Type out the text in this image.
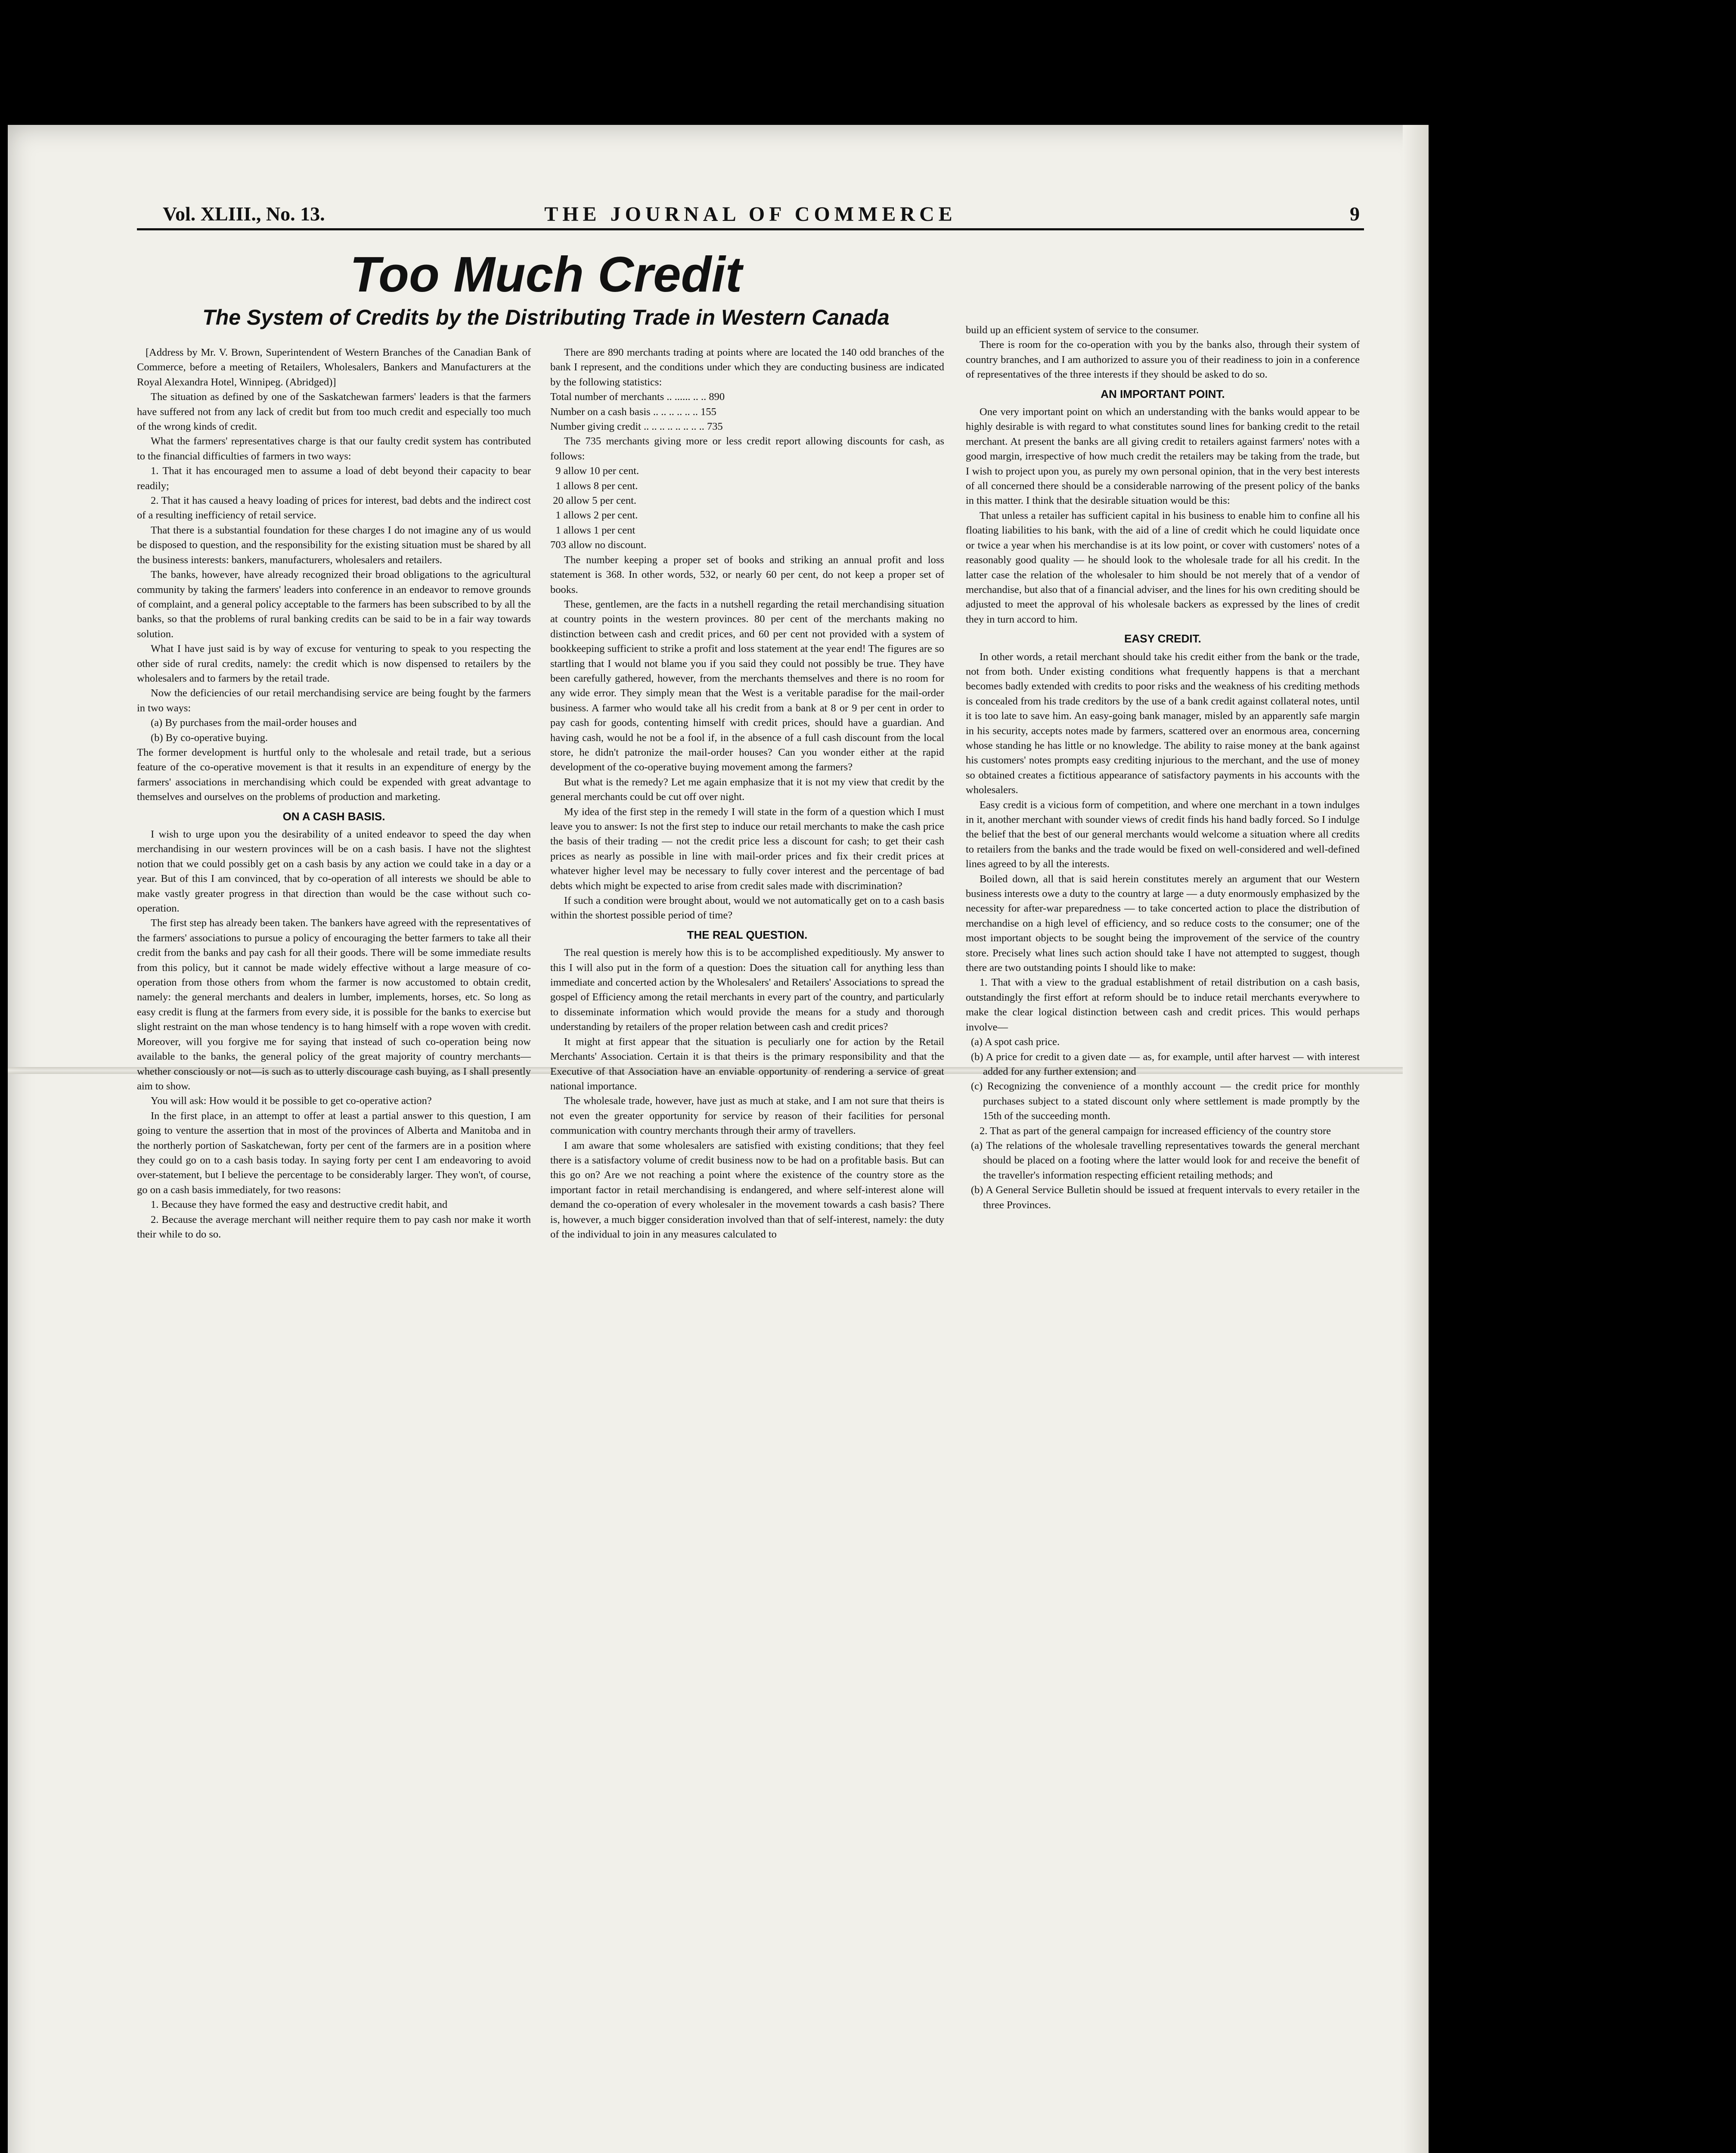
Vol. XLIII., No. 13.	THE JOURNAL OF COMMERCE	9
Too Much Credit
The System of Credits by the Distributing Trade in Western Canada

[Address by Mr. V. Brown, Superintendent of Western Branches of the Canadian Bank of Commerce, before a meeting of Retailers, Wholesalers, Bankers and Manufacturers at the Royal Alexandra Hotel, Winnipeg. (Abridged)]

The situation as defined by one of the Saskatchewan farmers' leaders is that the farmers have suffered not from any lack of credit but from too much credit and especially too much of the wrong kinds of credit.

What the farmers' representatives charge is that our faulty credit system has contributed to the financial difficulties of farmers in two ways:

1. That it has encouraged men to assume a load of debt beyond their capacity to bear readily;

2. That it has caused a heavy loading of prices for interest, bad debts and the indirect cost of a resulting inefficiency of retail service.

That there is a substantial foundation for these charges I do not imagine any of us would be disposed to question, and the responsibility for the existing situation must be shared by all the business interests: bankers, manufacturers, wholesalers and retailers.

The banks, however, have already recognized their broad obligations to the agricultural community by taking the farmers' leaders into conference in an endeavor to remove grounds of complaint, and a general policy acceptable to the farmers has been subscribed to by all the banks, so that the problems of rural banking credits can be said to be in a fair way towards solution.

What I have just said is by way of excuse for venturing to speak to you respecting the other side of rural credits, namely: the credit which is now dispensed to retailers by the wholesalers and to farmers by the retail trade.

Now the deficiencies of our retail merchandising service are being fought by the farmers in two ways:

(a) By purchases from the mail-order houses and

(b) By co-operative buying.

The former development is hurtful only to the wholesale and retail trade, but a serious feature of the co-operative movement is that it results in an expenditure of energy by the farmers' associations in merchandising which could be expended with great advantage to themselves and ourselves on the problems of production and marketing.

ON A CASH BASIS.

I wish to urge upon you the desirability of a united endeavor to speed the day when merchandising in our western provinces will be on a cash basis. I have not the slightest notion that we could possibly get on a cash basis by any action we could take in a day or a year. But of this I am convinced, that by co-operation of all interests we should be able to make vastly greater progress in that direction than would be the case without such co-operation.

The first step has already been taken. The bankers have agreed with the representatives of the farmers' associations to pursue a policy of encouraging the better farmers to take all their credit from the banks and pay cash for all their goods. There will be some immediate results from this policy, but it cannot be made widely effective without a large measure of co-operation from those others from whom the farmer is now accustomed to obtain credit, namely: the general merchants and dealers in lumber, implements, horses, etc. So long as easy credit is flung at the farmers from every side, it is possible for the banks to exercise but slight restraint on the man whose tendency is to hang himself with a rope woven with credit. Moreover, will you forgive me for saying that instead of such co-operation being now available to the banks, the general policy of the great majority of country merchants—whether consciously or not—is such as to utterly discourage cash buying, as I shall presently aim to show.

You will ask: How would it be possible to get co-operative action?

In the first place, in an attempt to offer at least a partial answer to this question, I am going to venture the assertion that in most of the provinces of Alberta and Manitoba and in the northerly portion of Saskatchewan, forty per cent of the farmers are in a position where they could go on to a cash basis today. In saying forty per cent I am endeavoring to avoid over-statement, but I believe the percentage to be considerably larger. They won't, of course, go on a cash basis immediately, for two reasons:

1. Because they have formed the easy and destructive credit habit, and

2. Because the average merchant will neither require them to pay cash nor make it worth their while to do so.

There are 890 merchants trading at points where are located the 140 odd branches of the bank I represent, and the conditions under which they are conducting business are indicated by the following statistics:

Total number of merchants .. ...... .. .. 890

Number on a cash basis .. .. .. .. .. .. 155

Number giving credit .. .. .. .. .. .. .. .. 735

The 735 merchants giving more or less credit report allowing discounts for cash, as follows:

9 allow 10 per cent.

1 allows 8 per cent.

20 allow 5 per cent.

1 allows 2 per cent.

1 allows 1 per cent

703 allow no discount.

The number keeping a proper set of books and striking an annual profit and loss statement is 368. In other words, 532, or nearly 60 per cent, do not keep a proper set of books.

These, gentlemen, are the facts in a nutshell regarding the retail merchandising situation at country points in the western provinces. 80 per cent of the merchants making no distinction between cash and credit prices, and 60 per cent not provided with a system of bookkeeping sufficient to strike a profit and loss statement at the year end! The figures are so startling that I would not blame you if you said they could not possibly be true. They have been carefully gathered, however, from the merchants themselves and there is no room for any wide error. They simply mean that the West is a veritable paradise for the mail-order business. A farmer who would take all his credit from a bank at 8 or 9 per cent in order to pay cash for goods, contenting himself with credit prices, should have a guardian. And having cash, would he not be a fool if, in the absence of a full cash discount from the local store, he didn't patronize the mail-order houses? Can you wonder either at the rapid development of the co-operative buying movement among the farmers?

But what is the remedy? Let me again emphasize that it is not my view that credit by the general merchants could be cut off over night.

My idea of the first step in the remedy I will state in the form of a question which I must leave you to answer: Is not the first step to induce our retail merchants to make the cash price the basis of their trading — not the credit price less a discount for cash; to get their cash prices as nearly as possible in line with mail-order prices and fix their credit prices at whatever higher level may be necessary to fully cover interest and the percentage of bad debts which might be expected to arise from credit sales made with discrimination?

If such a condition were brought about, would we not automatically get on to a cash basis within the shortest possible period of time?

THE REAL QUESTION.

The real question is merely how this is to be accomplished expeditiously. My answer to this I will also put in the form of a question: Does the situation call for anything less than immediate and concerted action by the Wholesalers' and Retailers' Associations to spread the gospel of Efficiency among the retail merchants in every part of the country, and particularly to disseminate information which would provide the means for a study and thorough understanding by retailers of the proper relation between cash and credit prices?

It might at first appear that the situation is peculiarly one for action by the Retail Merchants' Association. Certain it is that theirs is the primary responsibility and that the Executive of that Association have an enviable opportunity of rendering a service of great national importance.

The wholesale trade, however, have just as much at stake, and I am not sure that theirs is not even the greater opportunity for service by reason of their facilities for personal communication with country merchants through their army of travellers.

I am aware that some wholesalers are satisfied with existing conditions; that they feel there is a satisfactory volume of credit business now to be had on a profitable basis. But can this go on? Are we not reaching a point where the existence of the country store as the important factor in retail merchandising is endangered, and where self-interest alone will demand the co-operation of every wholesaler in the movement towards a cash basis? There is, however, a much bigger consideration involved than that of self-interest, namely: the duty of the individual to join in any measures calculated to

build up an efficient system of service to the consumer.

There is room for the co-operation with you by the banks also, through their system of country branches, and I am authorized to assure you of their readiness to join in a conference of representatives of the three interests if they should be asked to do so.

AN IMPORTANT POINT.

One very important point on which an understanding with the banks would appear to be highly desirable is with regard to what constitutes sound lines for banking credit to the retail merchant. At present the banks are all giving credit to retailers against farmers' notes with a good margin, irrespective of how much credit the retailers may be taking from the trade, but I wish to project upon you, as purely my own personal opinion, that in the very best interests of all concerned there should be a considerable narrowing of the present policy of the banks in this matter. I think that the desirable situation would be this:

That unless a retailer has sufficient capital in his business to enable him to confine all his floating liabilities to his bank, with the aid of a line of credit which he could liquidate once or twice a year when his merchandise is at its low point, or cover with customers' notes of a reasonably good quality — he should look to the wholesale trade for all his credit. In the latter case the relation of the wholesaler to him should be not merely that of a vendor of merchandise, but also that of a financial adviser, and the lines for his own crediting should be adjusted to meet the approval of his wholesale backers as expressed by the lines of credit they in turn accord to him.

EASY CREDIT.

In other words, a retail merchant should take his credit either from the bank or the trade, not from both. Under existing conditions what frequently happens is that a merchant becomes badly extended with credits to poor risks and the weakness of his crediting methods is concealed from his trade creditors by the use of a bank credit against collateral notes, until it is too late to save him. An easy-going bank manager, misled by an apparently safe margin in his security, accepts notes made by farmers, scattered over an enormous area, concerning whose standing he has little or no knowledge. The ability to raise money at the bank against his customers' notes prompts easy crediting injurious to the merchant, and the use of money so obtained creates a fictitious appearance of satisfactory payments in his accounts with the wholesalers.

Easy credit is a vicious form of competition, and where one merchant in a town indulges in it, another merchant with sounder views of credit finds his hand badly forced. So I indulge the belief that the best of our general merchants would welcome a situation where all credits to retailers from the banks and the trade would be fixed on well-considered and well-defined lines agreed to by all the interests.

Boiled down, all that is said herein constitutes merely an argument that our Western business interests owe a duty to the country at large — a duty enormously emphasized by the necessity for after-war preparedness — to take concerted action to place the distribution of merchandise on a high level of efficiency, and so reduce costs to the consumer; one of the most important objects to be sought being the improvement of the service of the country store. Precisely what lines such action should take I have not attempted to suggest, though there are two outstanding points I should like to make:

1. That with a view to the gradual establishment of retail distribution on a cash basis, outstandingly the first effort at reform should be to induce retail merchants everywhere to make the clear logical distinction between cash and credit prices. This would perhaps involve—

(a) A spot cash price.

(b) A price for credit to a given date — as, for example, until after harvest — with interest added for any further extension; and

(c) Recognizing the convenience of a monthly account — the credit price for monthly purchases subject to a stated discount only where settlement is made promptly by the 15th of the succeeding month.

2. That as part of the general campaign for increased efficiency of the country store

(a) The relations of the wholesale travelling representatives towards the general merchant should be placed on a footing where the latter would look for and receive the benefit of the traveller's information respecting efficient retailing methods; and

(b) A General Service Bulletin should be issued at frequent intervals to every retailer in the three Provinces.
